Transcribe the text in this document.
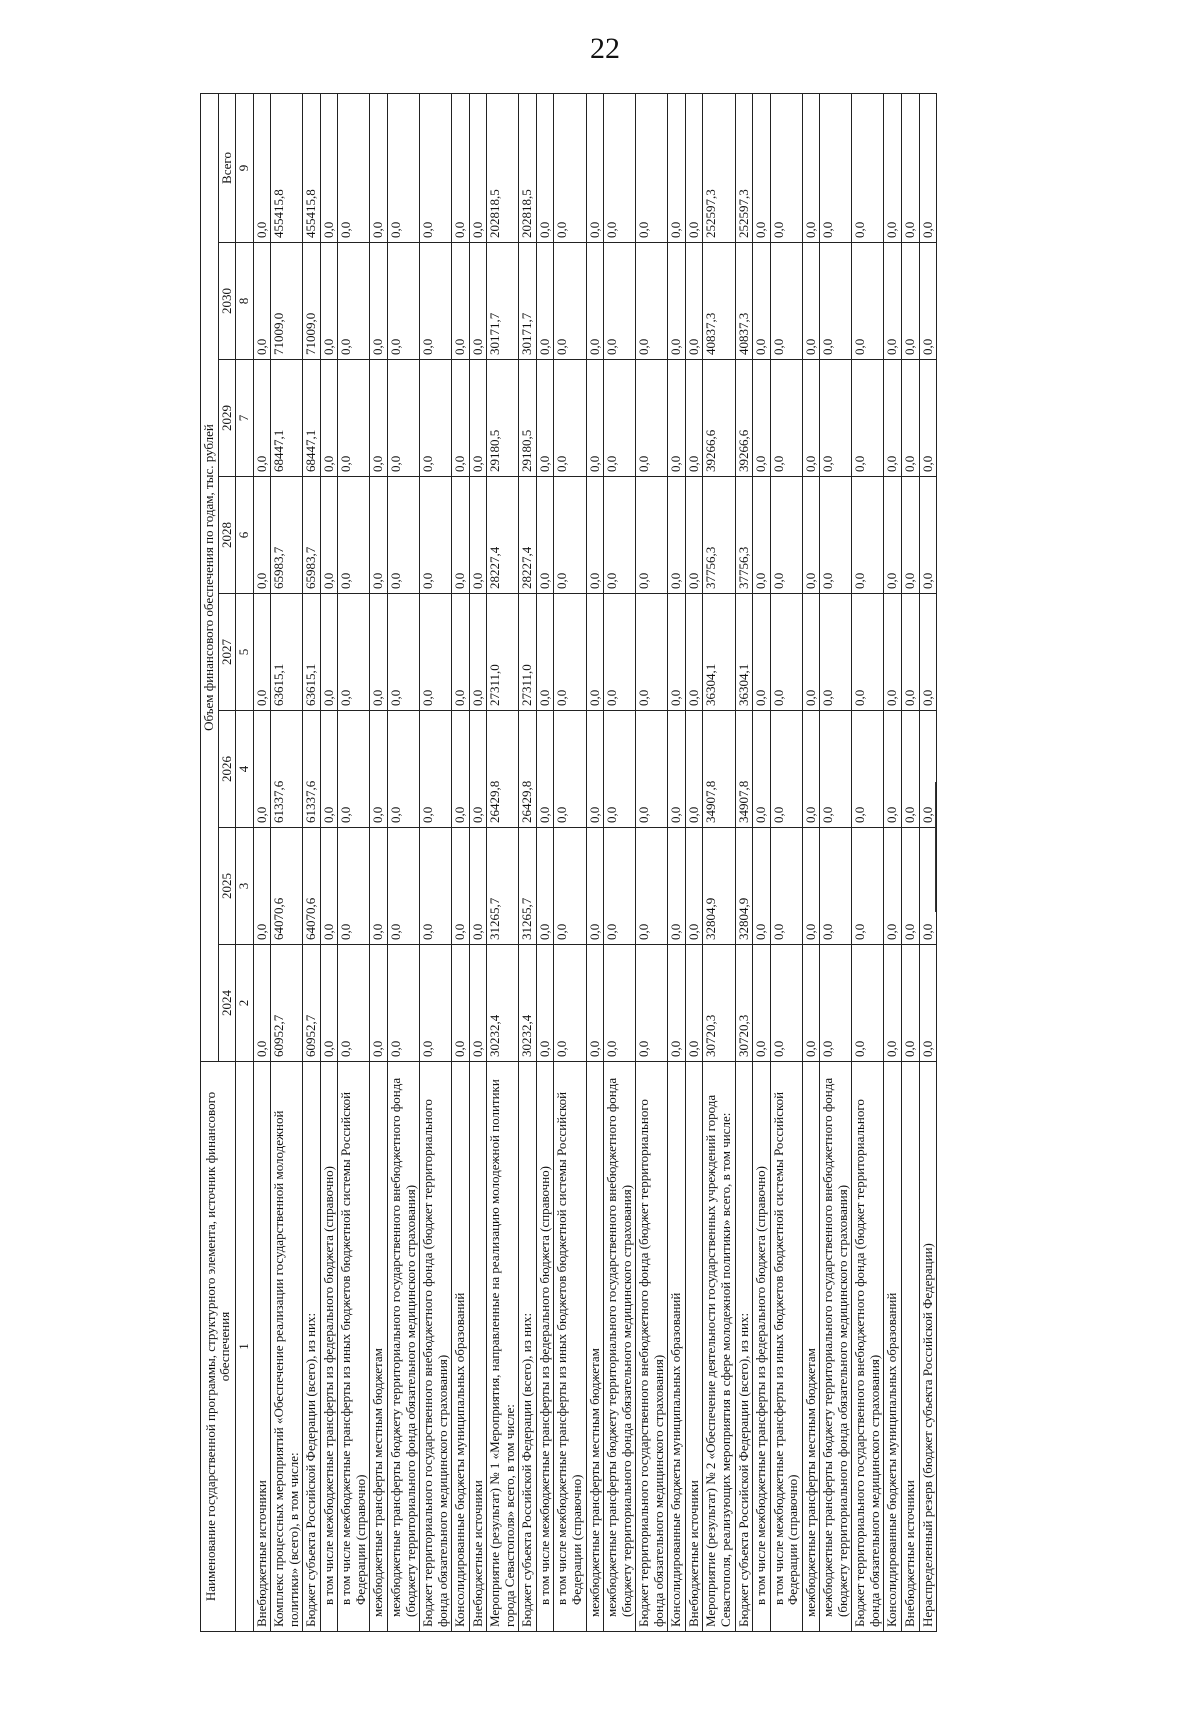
22
Наименование государственной программы, структурного элемента, источник финансового обеспечения	Объем финансового обеспечения по годам, тыс. рублей							
	2024	2025	2026	2027	2028	2029	2030	Всего
1	2	3	4	5	6	7	8	9
Внебюджетные источники	0,0	0,0	0,0	0,0	0,0	0,0	0,0	0,0
Комплекс процессных мероприятий «Обеспечение реализации государственной молодежной политики» (всего), в том числе:	60952,7	64070,6	61337,6	63615,1	65983,7	68447,1	71009,0	455415,8
Бюджет субъекта Российской Федерации (всего), из них:	60952,7	64070,6	61337,6	63615,1	65983,7	68447,1	71009,0	455415,8
в том числе межбюджетные трансферты из федерального бюджета (справочно)	0,0	0,0	0,0	0,0	0,0	0,0	0,0	0,0
в том числе межбюджетные трансферты из иных бюджетов бюджетной системы Российской Федерации (справочно)	0,0	0,0	0,0	0,0	0,0	0,0	0,0	0,0
межбюджетные трансферты местным бюджетам	0,0	0,0	0,0	0,0	0,0	0,0	0,0	0,0
межбюджетные трансферты бюджету территориального государственного внебюджетного фонда (бюджету территориального фонда обязательного медицинского страхования)	0,0	0,0	0,0	0,0	0,0	0,0	0,0	0,0
Бюджет территориального государственного внебюджетного фонда (бюджет территориального фонда обязательного медицинского страхования)	0,0	0,0	0,0	0,0	0,0	0,0	0,0	0,0
Консолидированные бюджеты муниципальных образований	0,0	0,0	0,0	0,0	0,0	0,0	0,0	0,0
Внебюджетные источники	0,0	0,0	0,0	0,0	0,0	0,0	0,0	0,0
Мероприятие (результат) № 1 «Мероприятия, направленные на реализацию молодежной политики города Севастополя» всего, в том числе:	30232,4	31265,7	26429,8	27311,0	28227,4	29180,5	30171,7	202818,5
Бюджет субъекта Российской Федерации (всего), из них:	30232,4	31265,7	26429,8	27311,0	28227,4	29180,5	30171,7	202818,5
в том числе межбюджетные трансферты из федерального бюджета (справочно)	0,0	0,0	0,0	0,0	0,0	0,0	0,0	0,0
в том числе межбюджетные трансферты из иных бюджетов бюджетной системы Российской Федерации (справочно)	0,0	0,0	0,0	0,0	0,0	0,0	0,0	0,0
межбюджетные трансферты местным бюджетам	0,0	0,0	0,0	0,0	0,0	0,0	0,0	0,0
межбюджетные трансферты бюджету территориального государственного внебюджетного фонда (бюджету территориального фонда обязательного медицинского страхования)	0,0	0,0	0,0	0,0	0,0	0,0	0,0	0,0
Бюджет территориального государственного внебюджетного фонда (бюджет территориального фонда обязательного медицинского страхования)	0,0	0,0	0,0	0,0	0,0	0,0	0,0	0,0
Консолидированные бюджеты муниципальных образований	0,0	0,0	0,0	0,0	0,0	0,0	0,0	0,0
Внебюджетные источники	0,0	0,0	0,0	0,0	0,0	0,0	0,0	0,0
Мероприятие (результат) № 2 «Обеспечение деятельности государственных учреждений города Севастополя, реализующих мероприятия в сфере молодежной политики» всего, в том числе:	30720,3	32804,9	34907,8	36304,1	37756,3	39266,6	40837,3	252597,3
Бюджет субъекта Российской Федерации (всего), из них:	30720,3	32804,9	34907,8	36304,1	37756,3	39266,6	40837,3	252597,3
в том числе межбюджетные трансферты из федерального бюджета (справочно)	0,0	0,0	0,0	0,0	0,0	0,0	0,0	0,0
в том числе межбюджетные трансферты из иных бюджетов бюджетной системы Российской Федерации (справочно)	0,0	0,0	0,0	0,0	0,0	0,0	0,0	0,0
межбюджетные трансферты местным бюджетам	0,0	0,0	0,0	0,0	0,0	0,0	0,0	0,0
межбюджетные трансферты бюджету территориального государственного внебюджетного фонда (бюджету территориального фонда обязательного медицинского страхования)	0,0	0,0	0,0	0,0	0,0	0,0	0,0	0,0
Бюджет территориального государственного внебюджетного фонда (бюджет территориального фонда обязательного медицинского страхования)	0,0	0,0	0,0	0,0	0,0	0,0	0,0	0,0
Консолидированные бюджеты муниципальных образований	0,0	0,0	0,0	0,0	0,0	0,0	0,0	0,0
Внебюджетные источники	0,0	0,0	0,0	0,0	0,0	0,0	0,0	0,0
Нераспределенный резерв (бюджет субъекта Российской Федерации)	0,0	0,0	0,0	0,0	0,0	0,0	0,0	0,0
